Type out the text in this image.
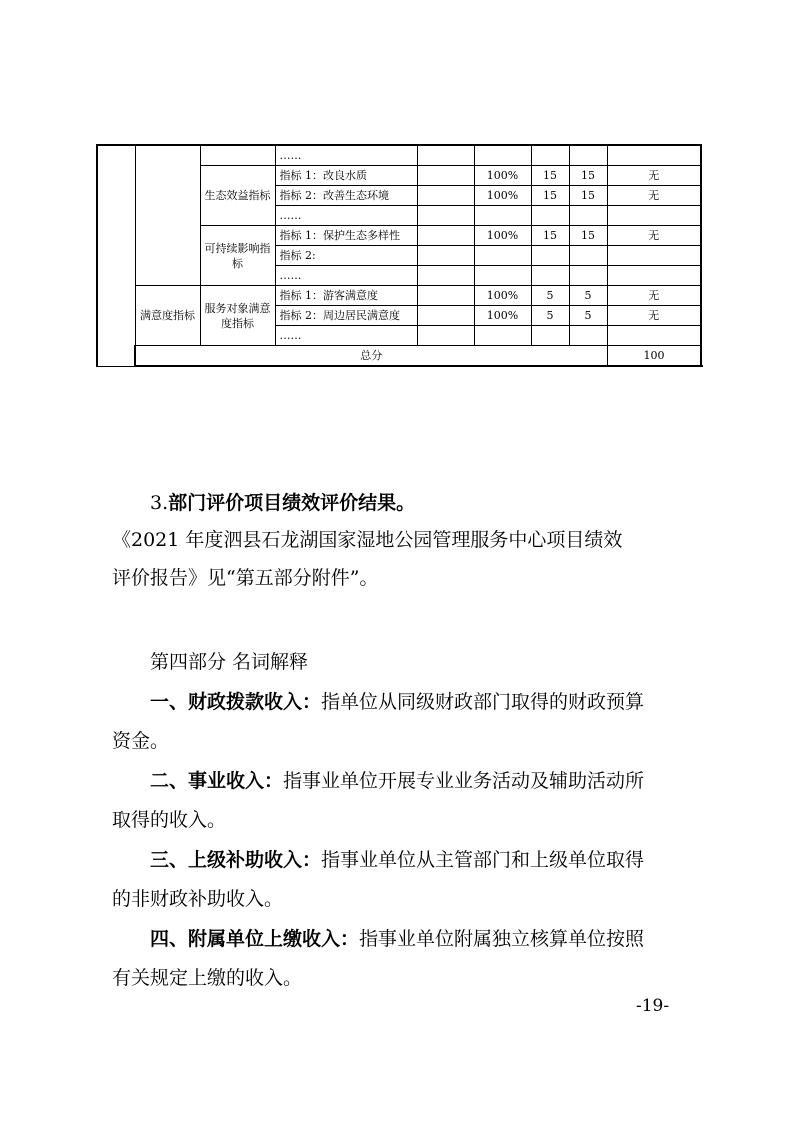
			……						
		生态效益指标	指标 1：改良水质		100%	15	15	无	
			指标 2：改善生态环境		100%	15	15	无	
			……						
		可持续影响指标	指标 1：保护生态多样性		100%	15	15	无	
			指标 2:						
			……						
	满意度指标	服务对象满意度指标	指标 1：游客满意度		100%	5	5	无	
			指标 2：周边居民满意度		100%	5	5	无	
			……						
	总分							100		
3.部门评价项目绩效评价结果。
《2021 年度泗县石龙湖国家湿地公园管理服务中心项目绩效
评价报告》见“第五部分附件”。
第四部分 名词解释
一、财政拨款收入：指单位从同级财政部门取得的财政预算
资金。
二、事业收入：指事业单位开展专业业务活动及辅助活动所
取得的收入。
三、上级补助收入：指事业单位从主管部门和上级单位取得
的非财政补助收入。
四、附属单位上缴收入：指事业单位附属独立核算单位按照
有关规定上缴的收入。
-19-
